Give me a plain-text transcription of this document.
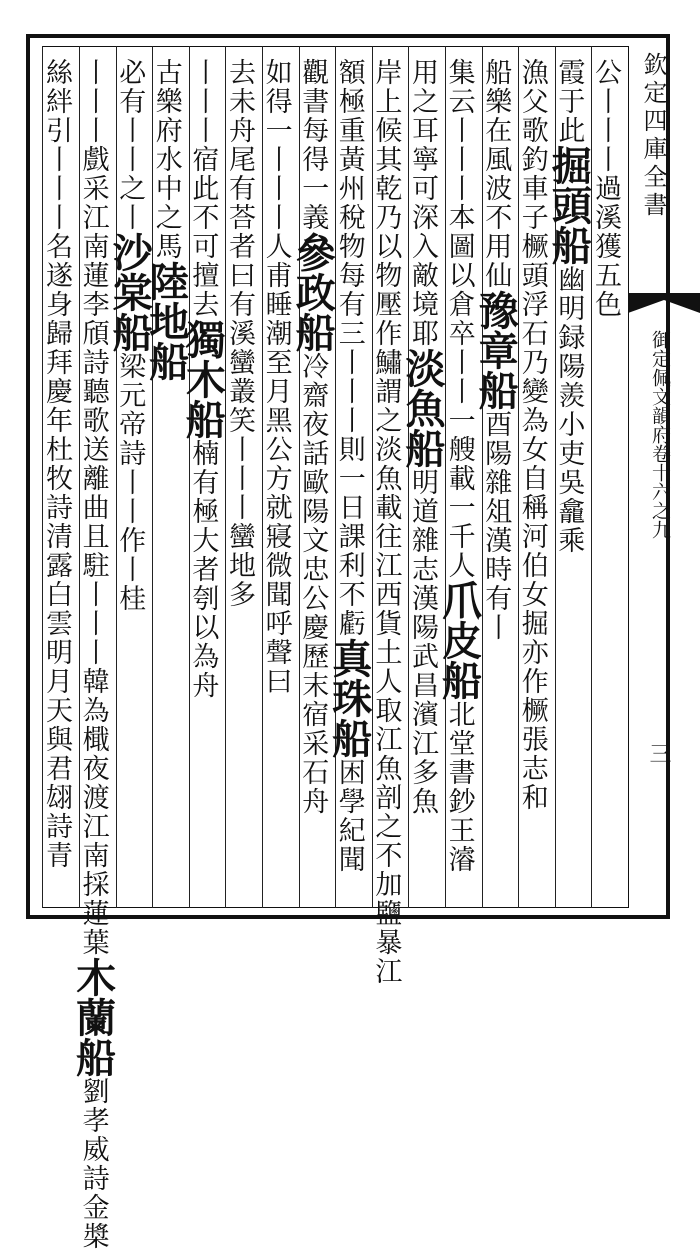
欽定四庫全書
御定佩文韻府卷十六之九
三
公丨丨丨過溪獲五色
霞于此掘頭船幽明録陽羨小吏吳龕乘
漁父歌釣車子橛頭浮石乃變為女自稱河伯女掘亦作橛張志和
船樂在風波不用仙豫章船酉陽雜俎漢時有丨
集云丨丨丨本圖以倉卒丨丨一艘載一千人爪皮船北堂書鈔王濬
用之耳寧可深入敵境耶淡魚船明道雜志漢陽武昌濱江多魚
岸上候其乾乃以物壓作鱐謂之淡魚載往江西貨土人取江魚剖之不加鹽暴江
額極重黃州稅物每有三丨丨丨則一日課利不虧真珠船困學紀聞
觀書每得一義參政船冷齋夜話歐陽文忠公慶歷末宿采石舟
如得一丨丨丨人甫睡潮至月黑公方就寢微聞呼聲曰
去未舟尾有荅者曰有溪蠻叢笑丨丨丨蠻地多
丨丨丨宿此不可擅去獨木船楠有極大者刳以為舟
古樂府水中之馬陸地船
必有丨丨之丨沙棠船梁元帝詩丨丨作丨桂
丨丨丨戲采江南蓮李頎詩聽歌送離曲且駐丨丨丨韓為檝夜渡江南採蓮葉木蘭船劉孝威詩金槳
絲絆引丨丨丨名遂身歸拜慶年杜牧詩清露白雲明月天與君翃詩青
